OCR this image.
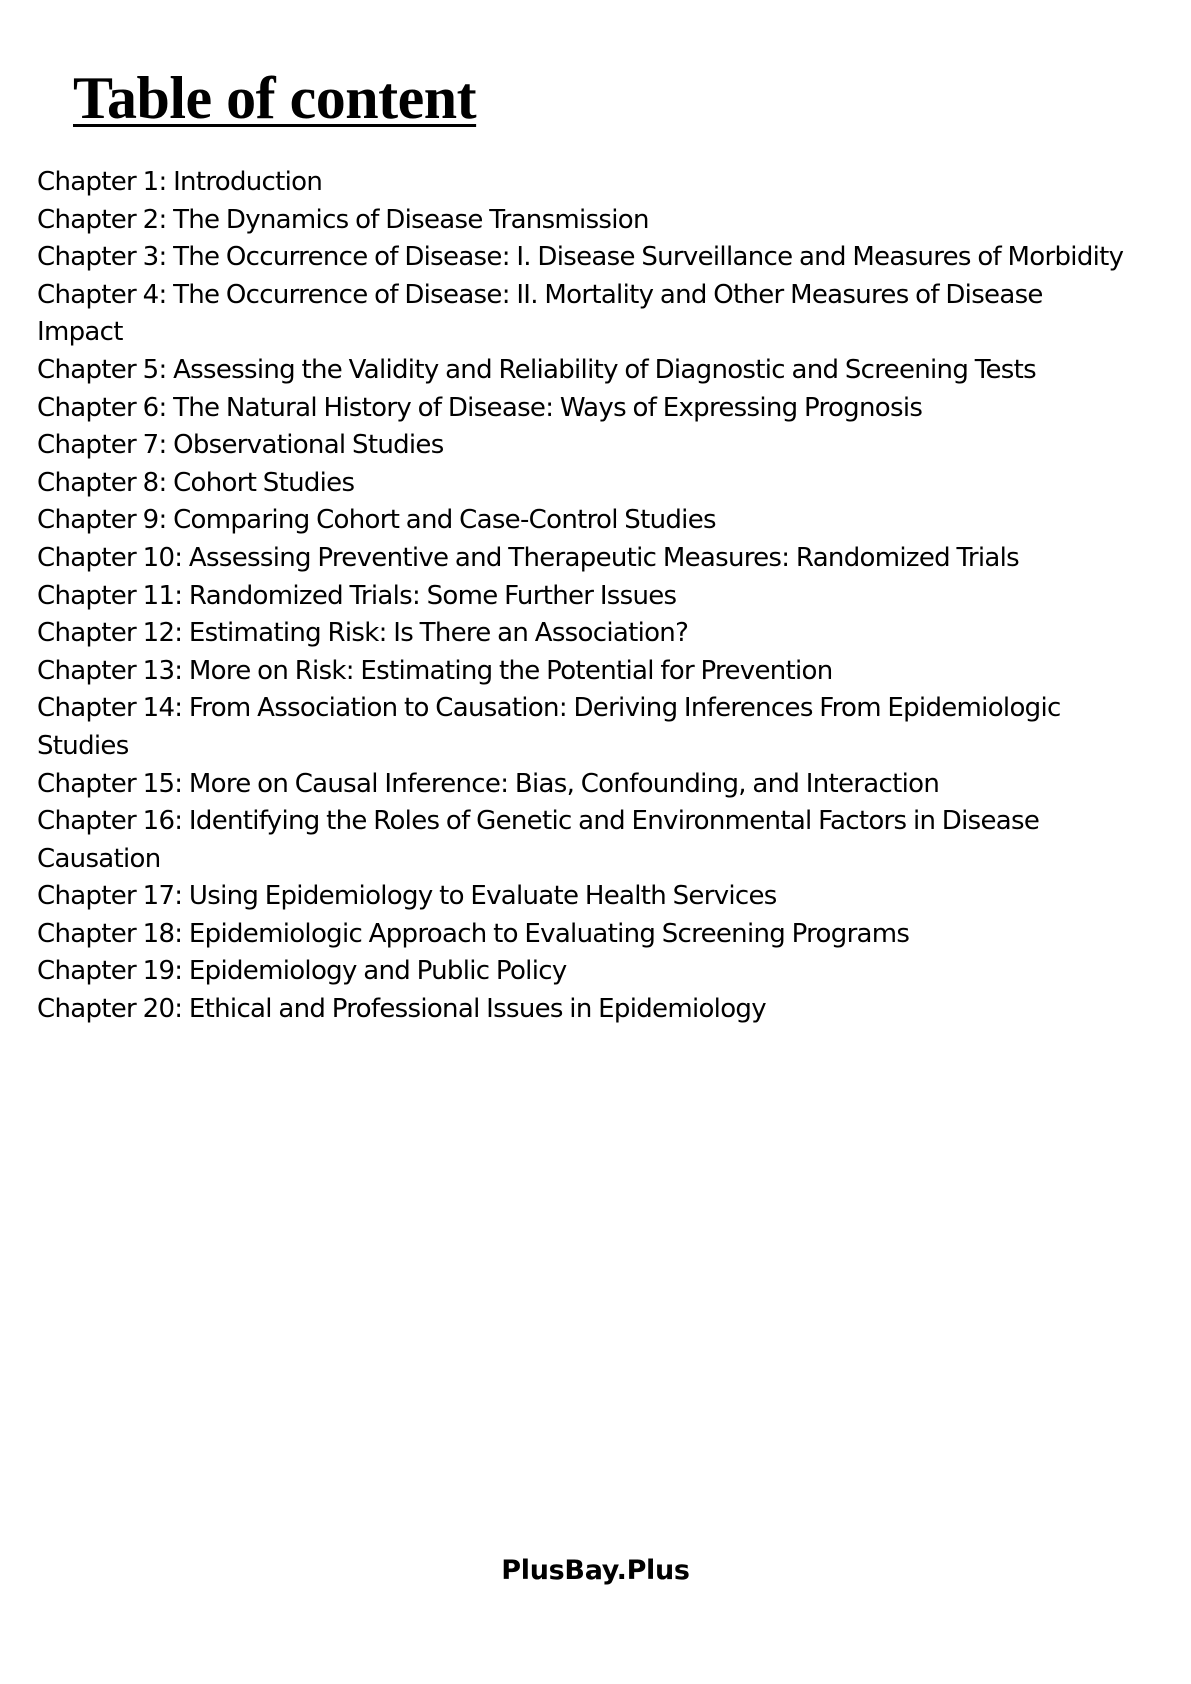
Table of content
Chapter 1: Introduction
Chapter 2: The Dynamics of Disease Transmission
Chapter 3: The Occurrence of Disease: I. Disease Surveillance and Measures of Morbidity
Chapter 4: The Occurrence of Disease: II. Mortality and Other Measures of Disease
Impact
Chapter 5: Assessing the Validity and Reliability of Diagnostic and Screening Tests
Chapter 6: The Natural History of Disease: Ways of Expressing Prognosis
Chapter 7: Observational Studies
Chapter 8: Cohort Studies
Chapter 9: Comparing Cohort and Case-Control Studies
Chapter 10: Assessing Preventive and Therapeutic Measures: Randomized Trials
Chapter 11: Randomized Trials: Some Further Issues
Chapter 12: Estimating Risk: Is There an Association?
Chapter 13: More on Risk: Estimating the Potential for Prevention
Chapter 14: From Association to Causation: Deriving Inferences From Epidemiologic
Studies
Chapter 15: More on Causal Inference: Bias, Confounding, and Interaction
Chapter 16: Identifying the Roles of Genetic and Environmental Factors in Disease
Causation
Chapter 17: Using Epidemiology to Evaluate Health Services
Chapter 18: Epidemiologic Approach to Evaluating Screening Programs
Chapter 19: Epidemiology and Public Policy
Chapter 20: Ethical and Professional Issues in Epidemiology
PlusBay.Plus
